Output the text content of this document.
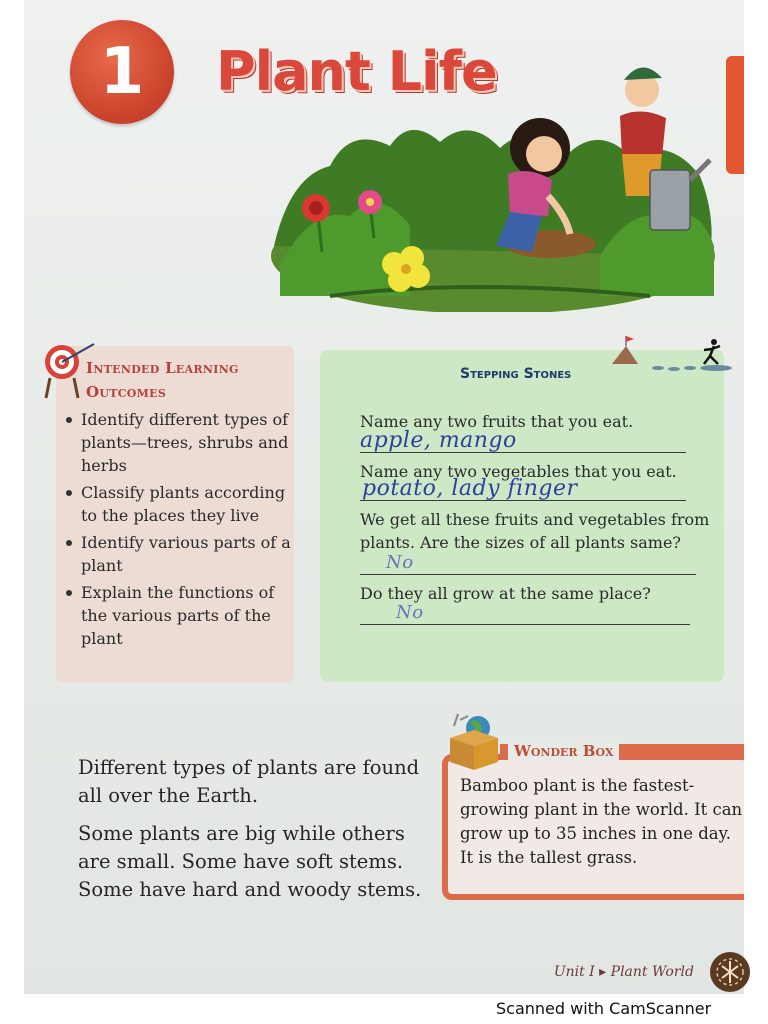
1	Plant Life
Intended Learning
Outcomes
Identify different types of plants—trees, shrubs and herbs
Classify plants according to the places they live
Identify various parts of a plant
Explain the functions of the various parts of the plant
Stepping Stones
Name any two fruits that you eat.
apple, mango
Name any two vegetables that you eat.
potato, lady finger
We get all these fruits and vegetables from plants. Are the sizes of all plants same?
No
Do they all grow at the same place?
No
Different types of plants are found all over the Earth.
Some plants are big while others are small. Some have soft stems. Some have hard and woody stems.
Wonder Box
Bamboo plant is the fastest-growing plant in the world. It can grow up to 35 inches in one day. It is the tallest grass.
Unit I ▸ Plant World
Scanned with CamScanner
